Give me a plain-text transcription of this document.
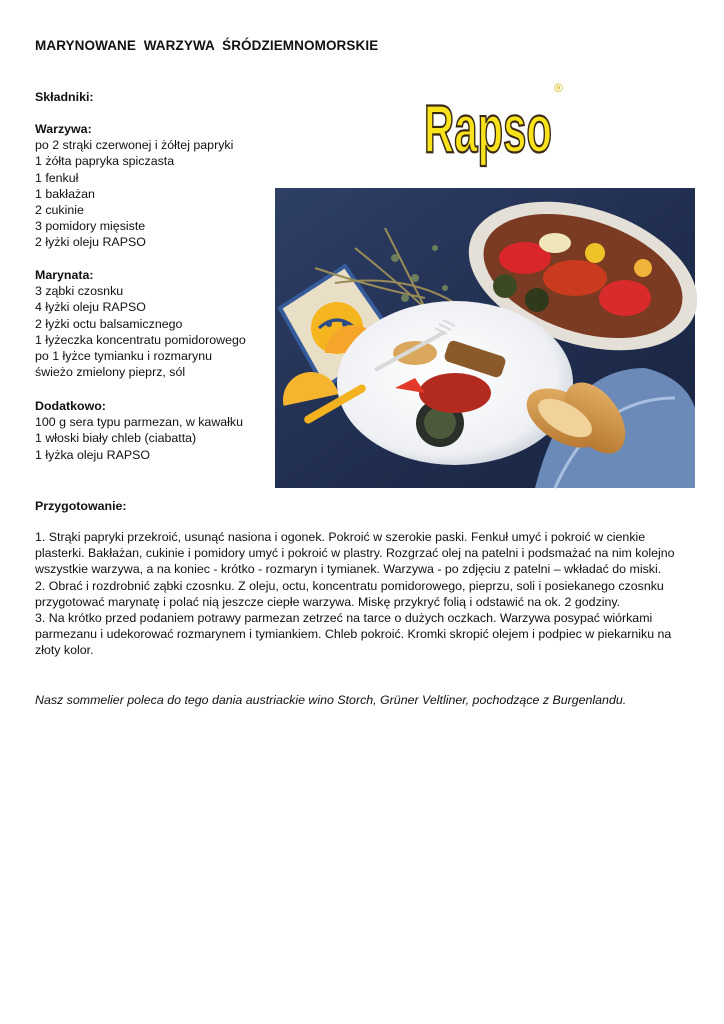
MARYNOWANE  WARZYWA  ŚRÓDZIEMNOMORSKIE
Rapso
®
Składniki:
Warzywa:
po 2 strąki czerwonej i żółtej papryki
1 żółta papryka spiczasta
1 fenkuł
1 bakłażan
2 cukinie
3 pomidory mięsiste
2 łyżki oleju RAPSO
Marynata:
3 ząbki czosnku
4 łyżki oleju RAPSO
2 łyżki octu balsamicznego
1 łyżeczka koncentratu pomidorowego
po 1 łyżce tymianku i rozmarynu
świeżo zmielony pieprz, sól
Dodatkowo:
100 g sera typu parmezan, w kawałku
1 włoski biały chleb (ciabatta)
1 łyżka oleju RAPSO
Przygotowanie:

1. Strąki papryki przekroić, usunąć nasiona i ogonek. Pokroić w szerokie paski. Fenkuł umyć i pokroić w cienkie plasterki. Bakłażan, cukinie i pomidory umyć i pokroić w plastry. Rozgrzać olej na patelni i podsmażać na nim kolejno wszystkie warzywa, a na koniec - krótko - rozmaryn i tymianek. Warzywa - po zdjęciu z patelni – wkładać do miski.

2. Obrać i rozdrobnić ząbki czosnku. Z oleju, octu, koncentratu pomidorowego, pieprzu, soli i posiekanego czosnku przygotować marynatę i polać nią jeszcze ciepłe warzywa. Miskę przykryć folią i odstawić na ok. 2 godziny.

3. Na krótko przed podaniem potrawy parmezan zetrzeć na tarce o dużych oczkach. Warzywa posypać wiórkami parmezanu i udekorować rozmarynem i tymiankiem. Chleb pokroić. Kromki skropić olejem i podpiec w piekarniku na złoty kolor.

Nasz sommelier poleca do tego dania austriackie wino Storch, Grüner Veltliner, pochodzące z Burgenlandu.
